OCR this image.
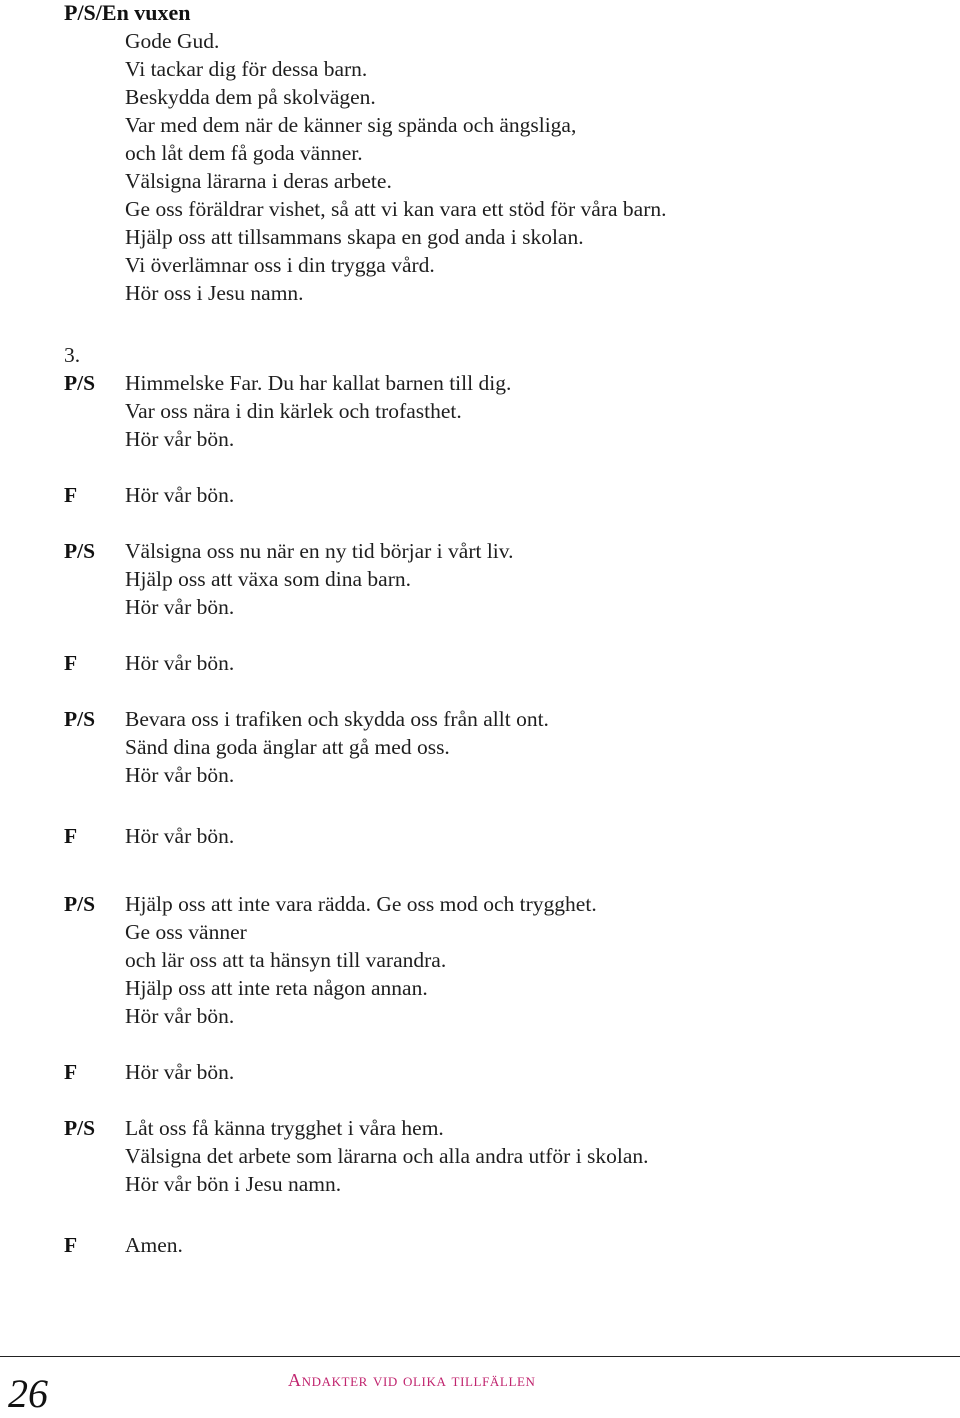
P/S/En vuxen
Gode Gud.
Vi tackar dig för dessa barn.
Beskydda dem på skolvägen.
Var med dem när de känner sig spända och ängsliga,
och låt dem få goda vänner.
Välsigna lärarna i deras arbete.
Ge oss föräldrar vishet, så att vi kan vara ett stöd för våra barn.
Hjälp oss att tillsammans skapa en god anda i skolan.
Vi överlämnar oss i din trygga vård.
Hör oss i Jesu namn.
3.
P/S Himmelske Far. Du har kallat barnen till dig.
Var oss nära i din kärlek och trofasthet.
Hör vår bön.
F Hör vår bön.
P/S Välsigna oss nu när en ny tid börjar i vårt liv.
Hjälp oss att växa som dina barn.
Hör vår bön.
F Hör vår bön.
P/S Bevara oss i trafiken och skydda oss från allt ont.
Sänd dina goda änglar att gå med oss.
Hör vår bön.
F Hör vår bön.
P/S Hjälp oss att inte vara rädda. Ge oss mod och trygghet.
Ge oss vänner
och lär oss att ta hänsyn till varandra.
Hjälp oss att inte reta någon annan.
Hör vår bön.
F Hör vår bön.
P/S Låt oss få känna trygghet i våra hem.
Välsigna det arbete som lärarna och alla andra utför i skolan.
Hör vår bön i Jesu namn.
F Amen.
26	Andakter vid olika tillfällen
